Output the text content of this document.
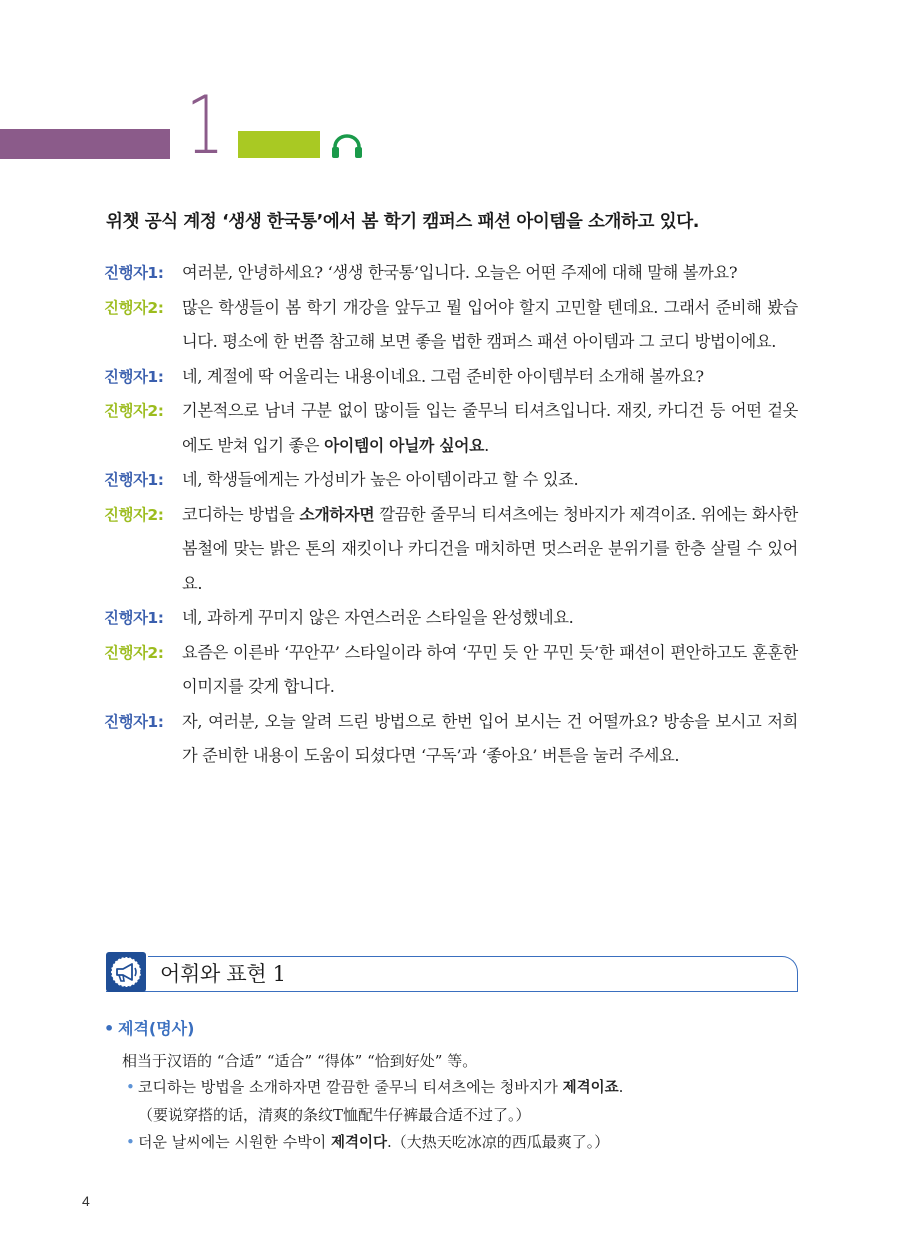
1
위챗 공식 계정 ‘생생 한국통’에서 봄 학기 캠퍼스 패션 아이템을 소개하고 있다.
진행자1:	여러분, 안녕하세요? ‘생생 한국통’입니다. 오늘은 어떤 주제에 대해 말해 볼까요?
진행자2:	많은 학생들이 봄 학기 개강을 앞두고 뭘 입어야 할지 고민할 텐데요. 그래서 준비해 봤습니다. 평소에 한 번쯤 참고해 보면 좋을 법한 캠퍼스 패션 아이템과 그 코디 방법이에요.
진행자1:	네, 계절에 딱 어울리는 내용이네요. 그럼 준비한 아이템부터 소개해 볼까요?
진행자2:	기본적으로 남녀 구분 없이 많이들 입는 줄무늬 티셔츠입니다. 재킷, 카디건 등 어떤 겉옷에도 받쳐 입기 좋은 아이템이 아닐까 싶어요.
진행자1:	네, 학생들에게는 가성비가 높은 아이템이라고 할 수 있죠.
진행자2:	코디하는 방법을 소개하자면 깔끔한 줄무늬 티셔츠에는 청바지가 제격이죠. 위에는 화사한 봄철에 맞는 밝은 톤의 재킷이나 카디건을 매치하면 멋스러운 분위기를 한층 살릴 수 있어요.
진행자1:	네, 과하게 꾸미지 않은 자연스러운 스타일을 완성했네요.
진행자2:	요즘은 이른바 ‘꾸안꾸’ 스타일이라 하여 ‘꾸민 듯 안 꾸민 듯’한 패션이 편안하고도 훈훈한 이미지를 갖게 합니다.
진행자1:	자, 여러분, 오늘 알려 드린 방법으로 한번 입어 보시는 건 어떨까요? 방송을 보시고 저희가 준비한 내용이 도움이 되셨다면 ‘구독’과 ‘좋아요’ 버튼을 눌러 주세요.
어휘와 표현 1
• 제격(명사)
相当于汉语的 “合适” “适合” “得体” “恰到好处” 等。
• 코디하는 방법을 소개하자면 깔끔한 줄무늬 티셔츠에는 청바지가 제격이죠.
（要说穿搭的话，清爽的条纹T恤配牛仔裤最合适不过了。）
• 더운 날씨에는 시원한 수박이 제격이다.（大热天吃冰凉的西瓜最爽了。）
4
